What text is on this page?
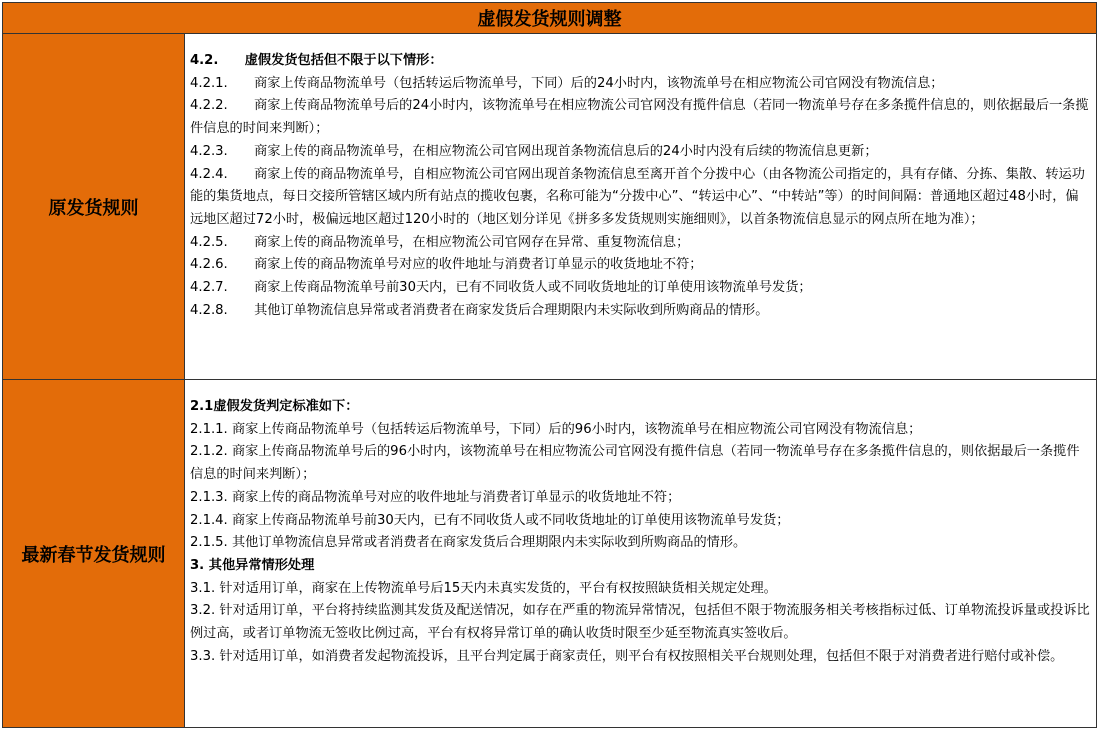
虚假发货规则调整
原发货规则

4.2.　　虚假发货包括但不限于以下情形：

4.2.1.　　商家上传商品物流单号（包括转运后物流单号，下同）后的24小时内，该物流单号在相应物流公司官网没有物流信息；

4.2.2.　　商家上传商品物流单号后的24小时内，该物流单号在相应物流公司官网没有揽件信息（若同一物流单号存在多条揽件信息的，则依据最后一条揽件信息的时间来判断）；

4.2.3.　　商家上传的商品物流单号，在相应物流公司官网出现首条物流信息后的24小时内没有后续的物流信息更新；

4.2.4.　　商家上传的商品物流单号，自相应物流公司官网出现首条物流信息至离开首个分拨中心（由各物流公司指定的，具有存储、分拣、集散、转运功能的集货地点，每日交接所管辖区域内所有站点的揽收包裹，名称可能为“分拨中心”、“转运中心”、“中转站”等）的时间间隔：普通地区超过48小时，偏远地区超过72小时，极偏远地区超过120小时的（地区划分详见《拼多多发货规则实施细则》，以首条物流信息显示的网点所在地为准）；

4.2.5.　　商家上传的商品物流单号，在相应物流公司官网存在异常、重复物流信息；

4.2.6.　　商家上传的商品物流单号对应的收件地址与消费者订单显示的收货地址不符；

4.2.7.　　商家上传商品物流单号前30天内，已有不同收货人或不同收货地址的订单使用该物流单号发货；

4.2.8.　　其他订单物流信息异常或者消费者在商家发货后合理期限内未实际收到所购商品的情形。

最新春节发货规则

2.1虚假发货判定标准如下：

2.1.1. 商家上传商品物流单号（包括转运后物流单号，下同）后的96小时内，该物流单号在相应物流公司官网没有物流信息；

2.1.2. 商家上传商品物流单号后的96小时内，该物流单号在相应物流公司官网没有揽件信息（若同一物流单号存在多条揽件信息的，则依据最后一条揽件信息的时间来判断）；

2.1.3. 商家上传的商品物流单号对应的收件地址与消费者订单显示的收货地址不符；

2.1.4. 商家上传商品物流单号前30天内，已有不同收货人或不同收货地址的订单使用该物流单号发货；

2.1.5. 其他订单物流信息异常或者消费者在商家发货后合理期限内未实际收到所购商品的情形。

3. 其他异常情形处理

3.1. 针对适用订单，商家在上传物流单号后15天内未真实发货的，平台有权按照缺货相关规定处理。

3.2. 针对适用订单，平台将持续监测其发货及配送情况，如存在严重的物流异常情况，包括但不限于物流服务相关考核指标过低、订单物流投诉量或投诉比例过高，或者订单物流无签收比例过高，平台有权将异常订单的确认收货时限至少延至物流真实签收后。

3.3. 针对适用订单，如消费者发起物流投诉，且平台判定属于商家责任，则平台有权按照相关平台规则处理，包括但不限于对消费者进行赔付或补偿。
